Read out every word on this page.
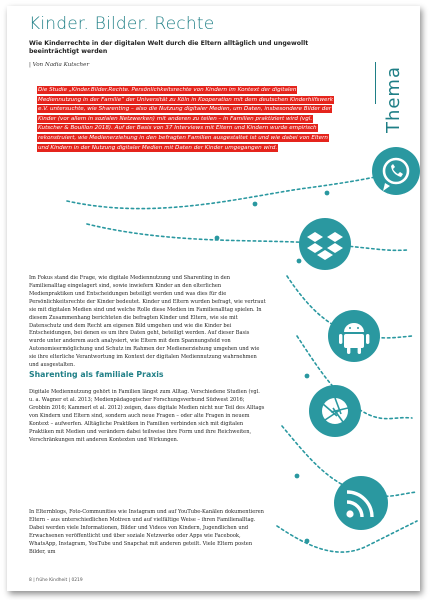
Kinder. Bilder. Rechte

Wie Kinderrechte in der digitalen Welt durch die Eltern alltäglich und ungewollt beeinträchtigt werden

| Von Nadia Kutscher
Thema
Die Studie „Kinder.Bilder.Rechte. Persönlichkeitsrechte von Kindern im Kontext der digitalen Mediennutzung in der Familie“ der Universität zu Köln in Kooperation mit dem deutschen Kinderhilfswerk e.V. untersuchte, wie Sharenting – also die Nutzung digitaler Medien, um Daten, insbesondere Bilder der Kinder (vor allem in sozialen Netzwerken) mit anderen zu teilen – in Familien praktiziert wird (vgl. Kutscher & Bouillon 2018). Auf der Basis von 37 Interviews mit Eltern und Kindern wurde empirisch rekonstruiert, wie Medienerziehung in den befragten Familien ausgestaltet ist und wie dabei von Eltern und Kindern in der Nutzung digitaler Medien mit Daten der Kinder umgegangen wird.

Im Fokus stand die Frage, wie digitale Mediennutzung und Sharenting in den Familienalltag eingelagert sind, sowie inwiefern Kinder an den elterlichen Medienpraktiken und Entscheidungen beteiligt werden und was dies für die Persönlichkeitsrechte der Kinder bedeutet. Kinder und Eltern wurden befragt, wie vertraut sie mit digitalen Medien sind und welche Rolle diese Medien im Familienalltag spielen. In diesem Zusammenhang berichteten die befragten Kinder und Eltern, wie sie mit Datenschutz und dem Recht am eigenen Bild umgehen und wie die Kinder bei Entscheidungen, bei denen es um ihre Daten geht, beteiligt werden. Auf dieser Basis wurde unter anderem auch analysiert, wie Eltern mit dem Spannungsfeld von Autonomieermöglichung und Schutz im Rahmen der Medienerziehung umgehen und wie sie ihre elterliche Verantwortung im Kontext der digitalen Mediennutzung wahrnehmen und ausgestalten.

Sharenting als familiale Praxis

Digitale Mediennutzung gehört in Familien längst zum Alltag. Verschiedene Studien (vgl. u. a. Wagner et al. 2013; Medienpädagogischer Forschungsverbund Südwest 2016; Grobbin 2016; Kammerl et al. 2012) zeigen, dass digitale Medien nicht nur Teil des Alltags von Kindern und Eltern sind, sondern auch neue Fragen – oder alte Fragen in neuem Kontext – aufwerfen. Alltägliche Praktiken in Familien verbinden sich mit digitalen Praktiken mit Medien und verändern dabei teilweise ihre Form und ihre Reichweiten, Verschränkungen mit anderen Kontexten und Wirkungen.

In Elternblogs, Foto-Communities wie Instagram und auf YouTube-Kanälen dokumentieren Eltern – aus unterschiedlichen Motiven und auf vielfältige Weise – ihren Familienalltag. Dabei werden viele Informationen, Bilder und Videos von Kindern, Jugendlichen und Erwachsenen veröffentlicht und über soziale Netzwerke oder Apps wie Facebook, WhatsApp, Instagram, YouTube und Snapchat mit anderen geteilt. Viele Eltern posten Bilder, um

8 | frühe Kindheit | 0219
